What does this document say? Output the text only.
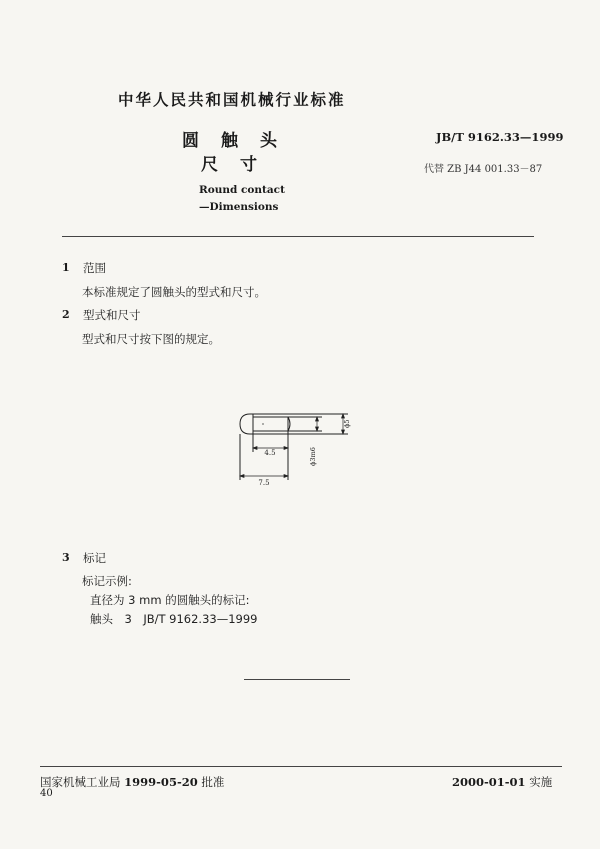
中华人民共和国机械行业标准
圆触头
尺寸
Round contact
—Dimensions
JB/T 9162.33—1999
代替 ZB J44 001.33－87
1 范围
本标准规定了圆触头的型式和尺寸。
2 型式和尺寸
型式和尺寸按下图的规定。
4.5
7.5
ϕ5
ϕ3m6
3 标记
标记示例:
直径为 3 mm 的圆触头的标记:
触头　3　JB/T 9162.33—1999
国家机械工业局 1999-05-20 批准	2000-01-01 实施
40
